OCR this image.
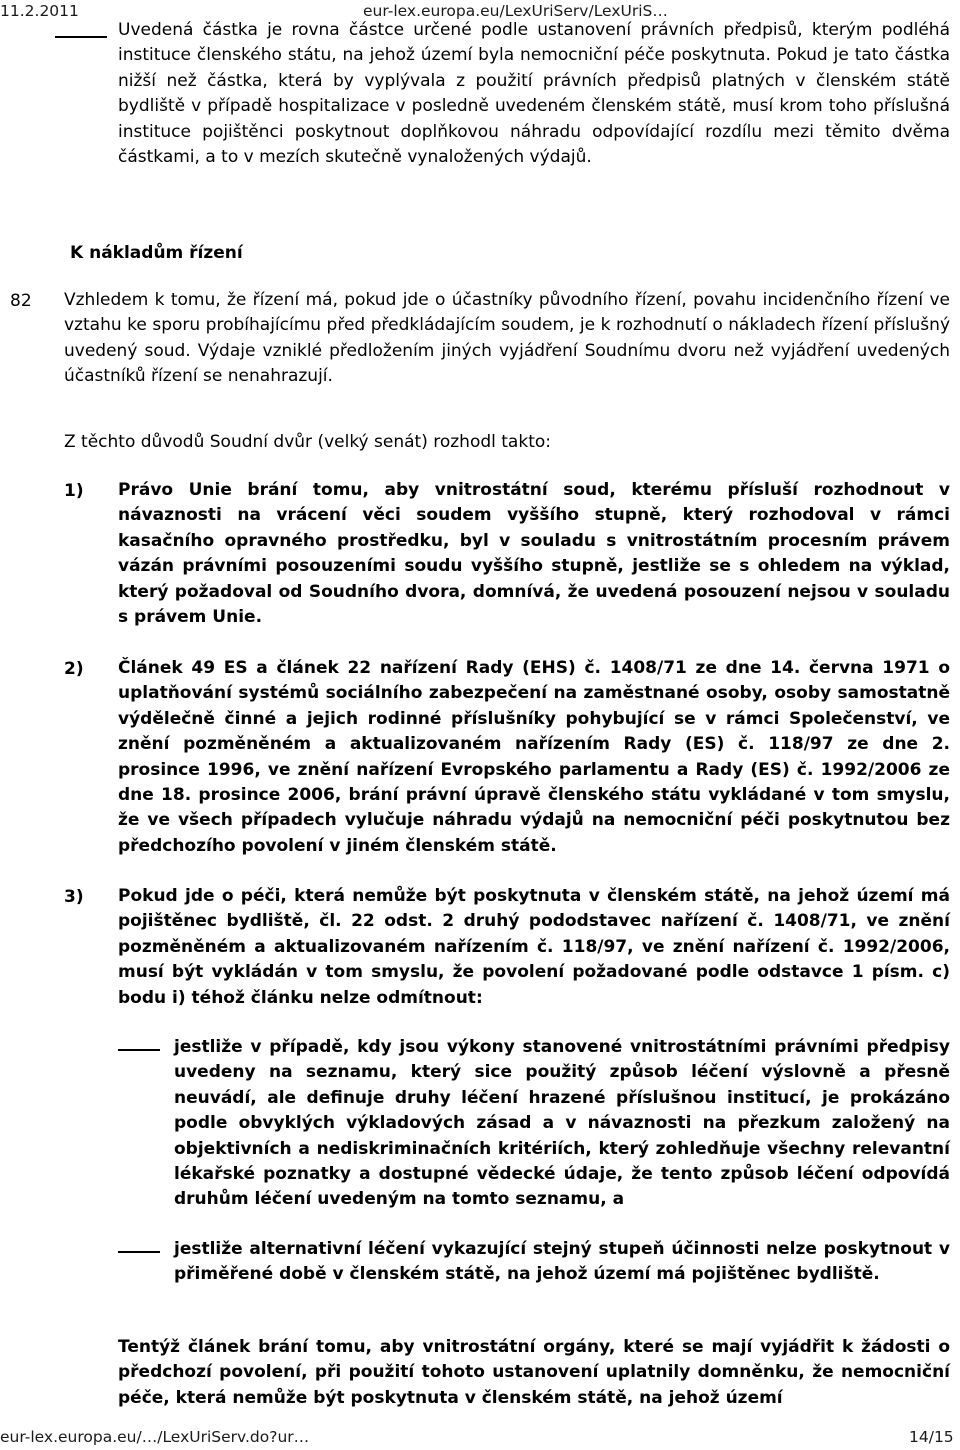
11.2.2011	eur-lex.europa.eu/LexUriServ/LexUriS…

Uvedená částka je rovna částce určené podle ustanovení právních předpisů, kterým podléhá instituce členského státu, na jehož území byla nemocniční péče poskytnuta. Pokud je tato částka nižší než částka, která by vyplývala z použití právních předpisů platných v členském státě bydliště v případě hospitalizace v posledně uvedeném členském státě, musí krom toho příslušná instituce pojištěnci poskytnout doplňkovou náhradu odpovídající rozdílu mezi těmito dvěma částkami, a to v mezích skutečně vynaložených výdajů.

K nákladům řízení
82 Vzhledem k tomu, že řízení má, pokud jde o účastníky původního řízení, povahu incidenčního řízení ve vztahu ke sporu probíhajícímu před předkládajícím soudem, je k rozhodnutí o nákladech řízení příslušný uvedený soud. Výdaje vzniklé předložením jiných vyjádření Soudnímu dvoru než vyjádření uvedených účastníků řízení se nenahrazují.

Z těchto důvodů Soudní dvůr (velký senát) rozhodl takto:
1) Právo Unie brání tomu, aby vnitrostátní soud, kterému přísluší rozhodnout v návaznosti na vrácení věci soudem vyššího stupně, který rozhodoval v rámci kasačního opravného prostředku, byl v souladu s vnitrostátním procesním právem vázán právními posouzeními soudu vyššího stupně, jestliže se s ohledem na výklad, který požadoval od Soudního dvora, domnívá, že uvedená posouzení nejsou v souladu s právem Unie.

2) Článek 49 ES a článek 22 nařízení Rady (EHS) č. 1408/71 ze dne 14. června 1971 o uplatňování systémů sociálního zabezpečení na zaměstnané osoby, osoby samostatně výdělečně činné a jejich rodinné příslušníky pohybující se v rámci Společenství, ve znění pozměněném a aktualizovaném nařízením Rady (ES) č. 118/97 ze dne 2. prosince 1996, ve znění nařízení Evropského parlamentu a Rady (ES) č. 1992/2006 ze dne 18. prosince 2006, brání právní úpravě členského státu vykládané v tom smyslu, že ve všech případech vylučuje náhradu výdajů na nemocniční péči poskytnutou bez předchozího povolení v jiném členském státě.

3) Pokud jde o péči, která nemůže být poskytnuta v členském státě, na jehož území má pojištěnec bydliště, čl. 22 odst. 2 druhý pododstavec nařízení č. 1408/71, ve znění pozměněném a aktualizovaném nařízením č. 118/97, ve znění nařízení č. 1992/2006, musí být vykládán v tom smyslu, že povolení požadované podle odstavce 1 písm. c) bodu i) téhož článku nelze odmítnout:

jestliže v případě, kdy jsou výkony stanovené vnitrostátními právními předpisy uvedeny na seznamu, který sice použitý způsob léčení výslovně a přesně neuvádí, ale definuje druhy léčení hrazené příslušnou institucí, je prokázáno podle obvyklých výkladových zásad a v návaznosti na přezkum založený na objektivních a nediskriminačních kritériích, který zohledňuje všechny relevantní lékařské poznatky a dostupné vědecké údaje, že tento způsob léčení odpovídá druhům léčení uvedeným na tomto seznamu, a

jestliže alternativní léčení vykazující stejný stupeň účinnosti nelze poskytnout v přiměřené době v členském státě, na jehož území má pojištěnec bydliště.

Tentýž článek brání tomu, aby vnitrostátní orgány, které se mají vyjádřit k žádosti o předchozí povolení, při použití tohoto ustanovení uplatnily domněnku, že nemocniční péče, která nemůže být poskytnuta v členském státě, na jehož území

eur-lex.europa.eu/…/LexUriServ.do?ur…	14/15
